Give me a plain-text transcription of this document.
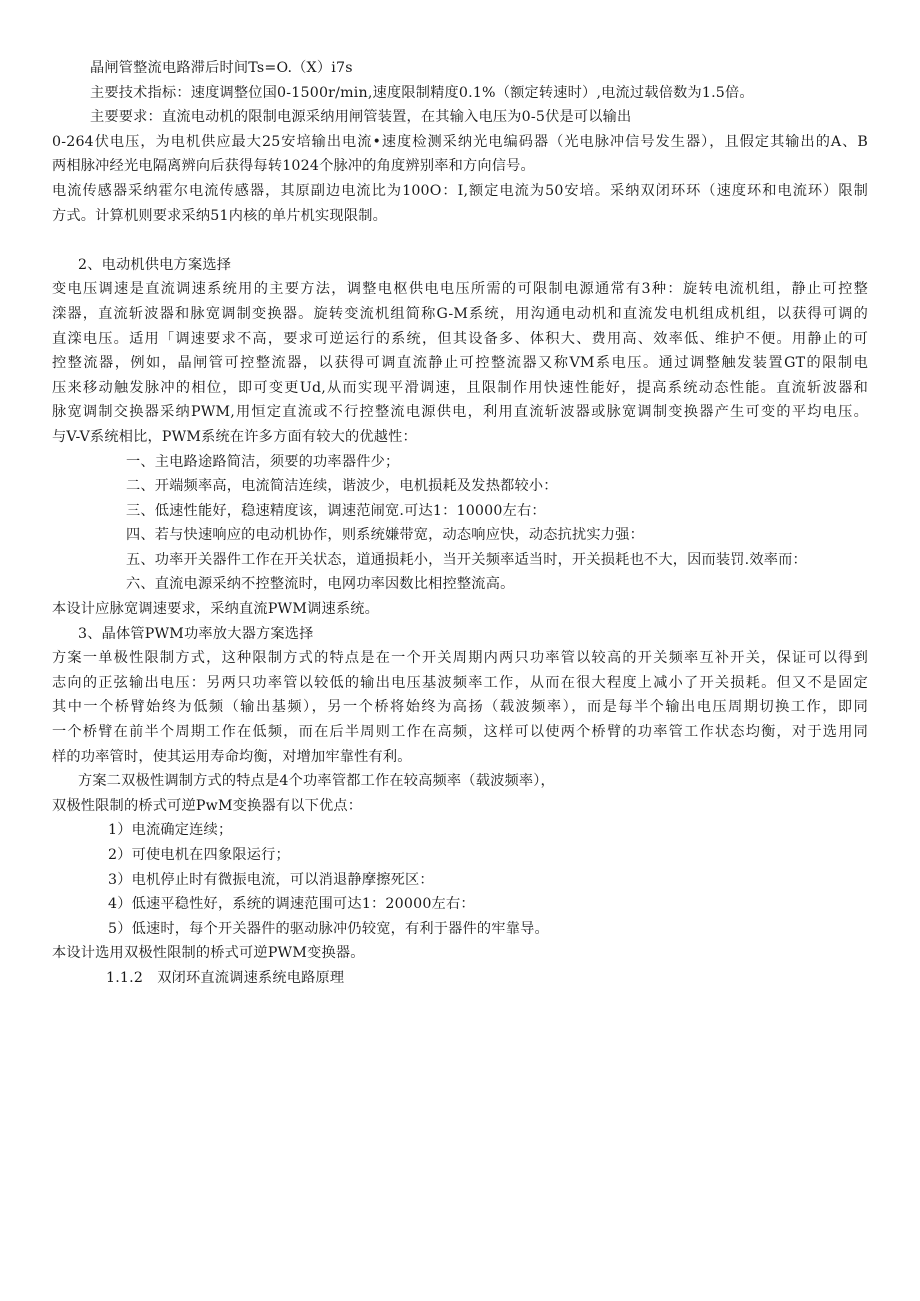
晶闸管整流电路滞后时间Ts=O.（X）i7s

主要技术指标：速度调整位国0-1500r∕min,速度限制精度0.1%（额定转速时）,电流过载倍数为1.5倍。

主要要求：直流电动机的限制电源采纳用闸管装置，在其输入电压为0-5伏是可以输出

0-264伏电压，为电机供应最大25安培输出电流•速度检测采纳光电编码器（光电脉冲信号发生器），且假定其输出的A、B

两相脉冲经光电隔离辨向后获得每转1024个脉冲的角度辨别率和方向信号。

电流传感器采纳霍尔电流传感器，其原副边电流比为100O：I,额定电流为50安培。采纳双闭环环（速度环和电流环）限制

方式。计算机则要求采纳51内核的单片机实现限制。

2、电动机供电方案选择

变电压调速是直流调速系统用的主要方法，调整电枢供电电压所需的可限制电源通常有3种：旋转电流机组，静止可控整

滦器，直流斩波器和脉宽调制变换器。旋转变流机组简称G-M系统，用沟通电动机和直流发电机组成机组，以获得可调的

直滦电压。适用「调速要求不高，要求可逆运行的系统，但其设备多、体积大、费用高、效率低、维护不便。用静止的可

控整流器，例如，晶闸管可控整流器，以获得可调直流静止可控整流器又称VM系电压。通过调整触发装置GT的限制电

压来移动触发脉冲的相位，即可变更Ud,从而实现平滑调速，且限制作用快速性能好，提高系统动态性能。直流斩波器和

脉宽调制交换器采纳PWM,用恒定直流或不行控整流电源供电，利用直流斩波器或脉宽调制变换器产生可变的平均电压。

与V-V系统相比，PWM系统在许多方面有较大的优越性：

一、主电路途路简洁，须要的功率器件少；

二、开端频率高，电流简洁连续，谐波少，电机损耗及发热都较小：

三、低速性能好，稳速精度该，调速范闹宽.可达1：10000左右：

四、若与快速响应的电动机协作，则系统嫌带宽，动态响应快，动态抗扰实力强：

五、功率开关器件工作在开关状态，道通损耗小，当开关频率适当时，开关损耗也不大，因而装罚.效率而：

六、直流电源采纳不控整流时，电网功率因数比相控整流高。

本设计应脉宽调速要求，采纳直流PWM调速系统。

3、晶体管PWM功率放大器方案选择

方案一单极性限制方式，这种限制方式的特点是在一个开关周期内两只功率管以较高的开关频率互补开关，保证可以得到

志向的正弦输出电压：另两只功率管以较低的输出电压基波频率工作，从而在很大程度上减小了开关损耗。但又不是固定

其中一个桥臂始终为低频（输出基频），另一个桥将始终为高扬（载波频率），而是每半个输出电压周期切换工作，即同

一个桥臂在前半个周期工作在低频，而在后半周则工作在高频，这样可以使两个桥臂的功率管工作状态均衡，对于选用同

样的功率管时，使其运用寿命均衡，对增加牢靠性有利。

方案二双极性调制方式的特点是4个功率管都工作在较高频率（载波频率），

双极性限制的桥式可逆PwM变换器有以下优点：

1）电流确定连续；

2）可使电机在四象限运行；

3）电机停止时有微振电流，可以消退静摩擦死区：

4）低速平稳性好，系统的调速范围可达1：20000左右：

5）低速时，每个开关器件的驱动脉冲仍较宽，有利于器件的牢靠导。

本设计选用双极性限制的桥式可逆PWM变换器。

1.1.2 双闭环直流调速系统电路原理
